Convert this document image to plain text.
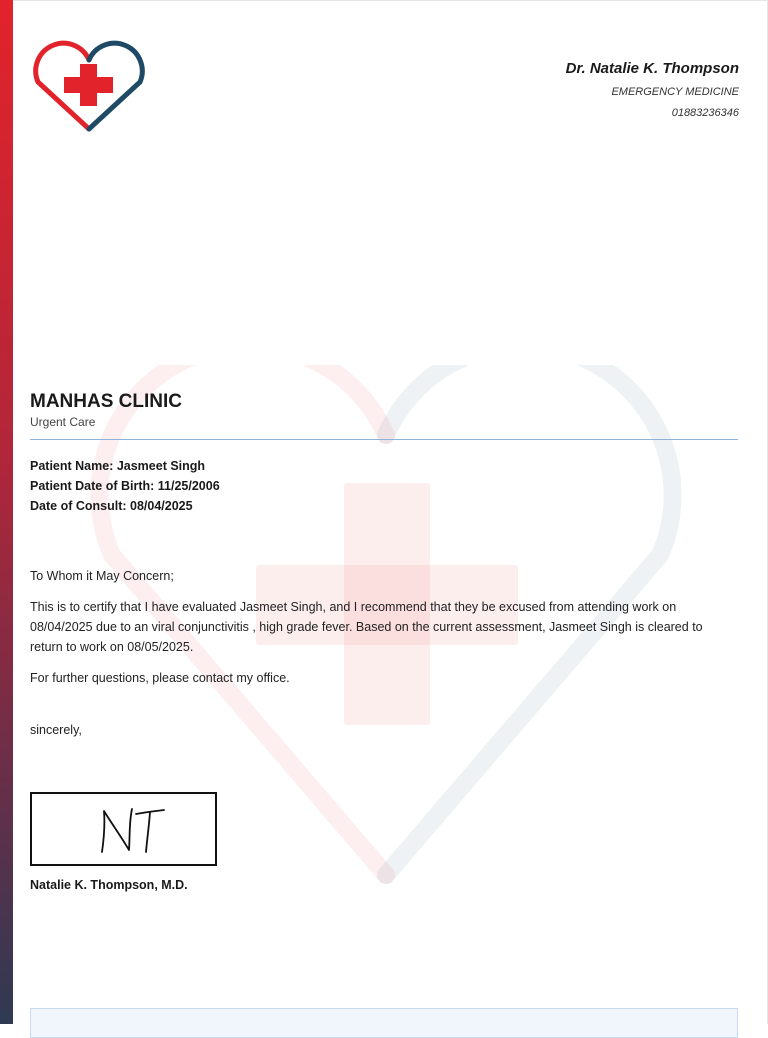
Dr. Natalie K. Thompson
EMERGENCY MEDICINE
01883236346
MANHAS CLINIC
Urgent Care
Patient Name: Jasmeet Singh
Patient Date of Birth: 11/25/2006
Date of Consult: 08/04/2025

To Whom it May Concern;

This is to certify that I have evaluated Jasmeet Singh, and I recommend that they be excused from attending work on 08/04/2025 due to an viral conjunctivitis , high grade fever. Based on the current assessment, Jasmeet Singh is cleared to return to work on 08/05/2025.

For further questions, please contact my office.

sincerely,

Natalie K. Thompson, M.D.
